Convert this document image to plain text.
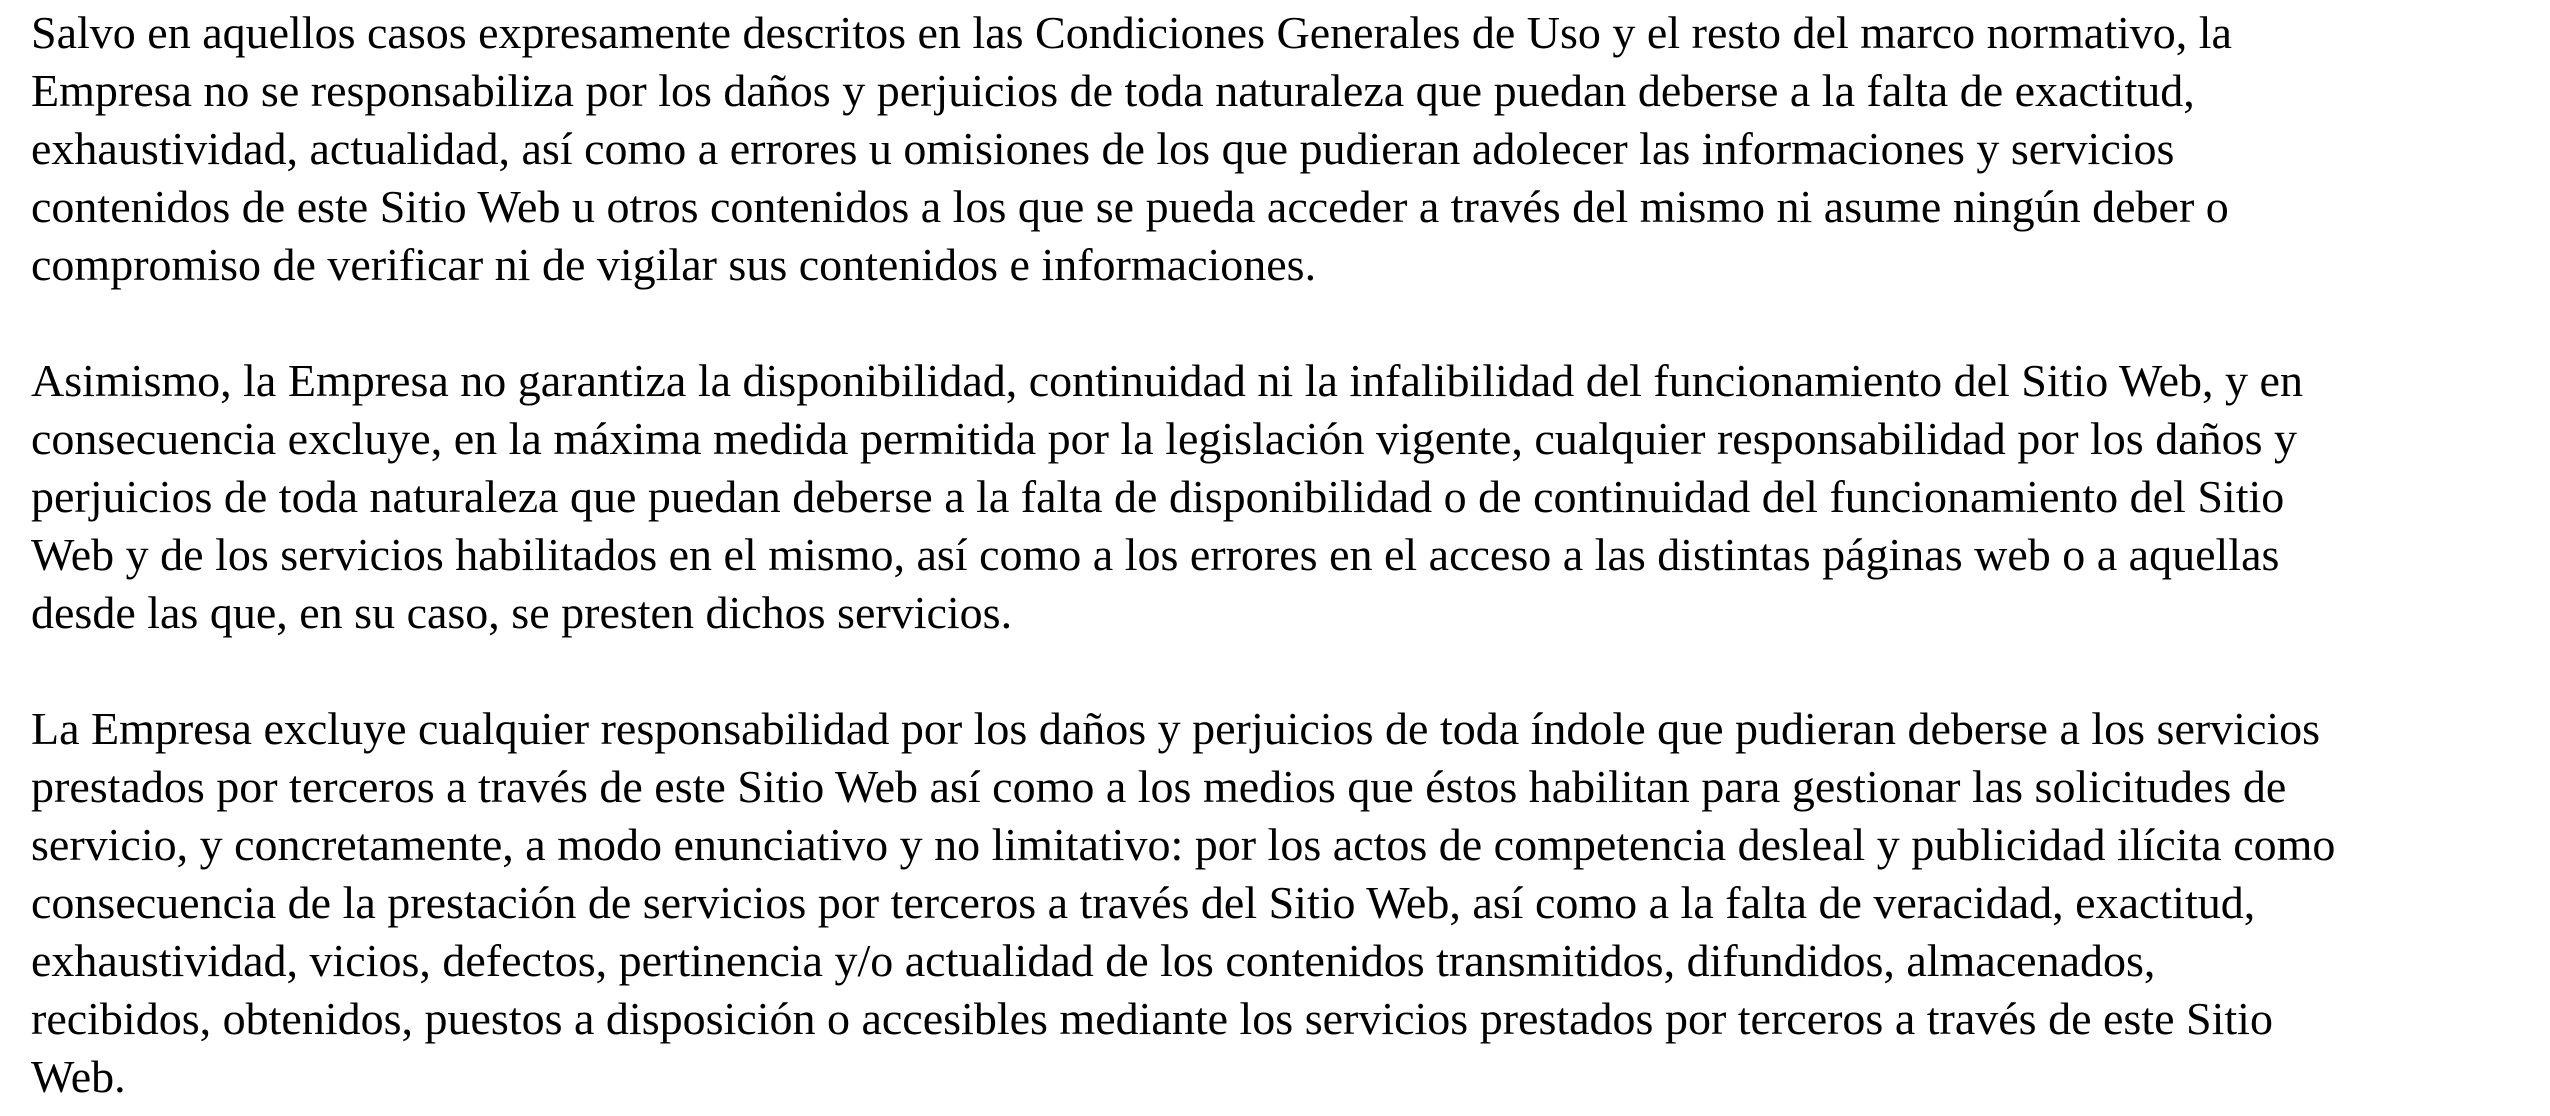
Salvo en aquellos casos expresamente descritos en las Condiciones Generales de Uso y el resto del marco normativo, la
Empresa no se responsabiliza por los daños y perjuicios de toda naturaleza que puedan deberse a la falta de exactitud,
exhaustividad, actualidad, así como a errores u omisiones de los que pudieran adolecer las informaciones y servicios
contenidos de este Sitio Web u otros contenidos a los que se pueda acceder a través del mismo ni asume ningún deber o
compromiso de verificar ni de vigilar sus contenidos e informaciones.
Asimismo, la Empresa no garantiza la disponibilidad, continuidad ni la infalibilidad del funcionamiento del Sitio Web, y en
consecuencia excluye, en la máxima medida permitida por la legislación vigente, cualquier responsabilidad por los daños y
perjuicios de toda naturaleza que puedan deberse a la falta de disponibilidad o de continuidad del funcionamiento del Sitio
Web y de los servicios habilitados en el mismo, así como a los errores en el acceso a las distintas páginas web o a aquellas
desde las que, en su caso, se presten dichos servicios.
La Empresa excluye cualquier responsabilidad por los daños y perjuicios de toda índole que pudieran deberse a los servicios
prestados por terceros a través de este Sitio Web así como a los medios que éstos habilitan para gestionar las solicitudes de
servicio, y concretamente, a modo enunciativo y no limitativo: por los actos de competencia desleal y publicidad ilícita como
consecuencia de la prestación de servicios por terceros a través del Sitio Web, así como a la falta de veracidad, exactitud,
exhaustividad, vicios, defectos, pertinencia y/o actualidad de los contenidos transmitidos, difundidos, almacenados,
recibidos, obtenidos, puestos a disposición o accesibles mediante los servicios prestados por terceros a través de este Sitio
Web.
